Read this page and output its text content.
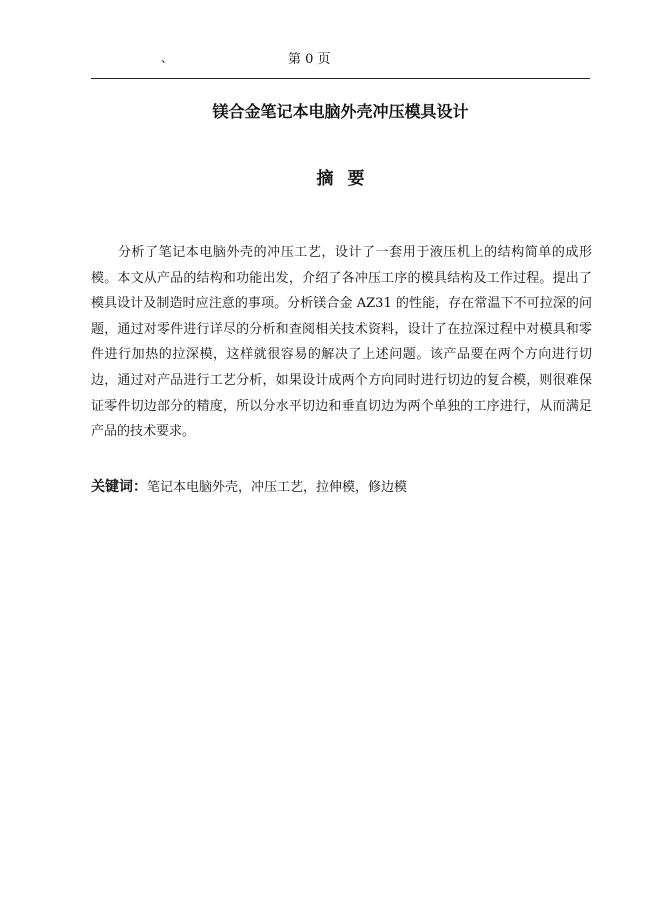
、	第 0 页
镁合金笔记本电脑外壳冲压模具设计
摘要

分析了笔记本电脑外壳的冲压工艺，设计了一套用于液压机上的结构简单的成形模。本文从产品的结构和功能出发，介绍了各冲压工序的模具结构及工作过程。提出了模具设计及制造时应注意的事项。分析镁合金 AZ31 的性能，存在常温下不可拉深的问题，通过对零件进行详尽的分析和查阅相关技术资料，设计了在拉深过程中对模具和零件进行加热的拉深模，这样就很容易的解决了上述问题。该产品要在两个方向进行切边，通过对产品进行工艺分析，如果设计成两个方向同时进行切边的复合模，则很难保证零件切边部分的精度，所以分水平切边和垂直切边为两个单独的工序进行，从而满足产品的技术要求。

关键词：笔记本电脑外壳，冲压工艺，拉伸模，修边模
